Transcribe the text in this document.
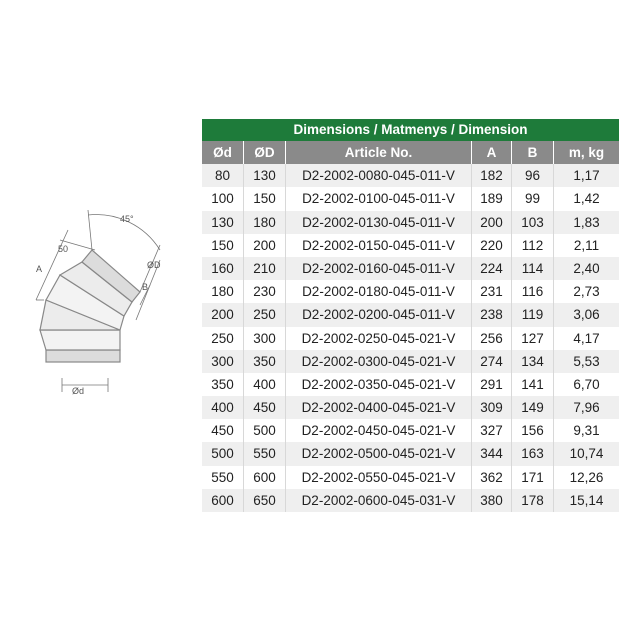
45°
A
50
ØD
B
Ød
Dimensions / Matmenys / Dimension
Ød	ØD	Article No.	A	B	m, kg
80	130	D2-2002-0080-045-011-V	182	96	1,17
100	150	D2-2002-0100-045-011-V	189	99	1,42
130	180	D2-2002-0130-045-011-V	200	103	1,83
150	200	D2-2002-0150-045-011-V	220	112	2,11
160	210	D2-2002-0160-045-011-V	224	114	2,40
180	230	D2-2002-0180-045-011-V	231	116	2,73
200	250	D2-2002-0200-045-011-V	238	119	3,06
250	300	D2-2002-0250-045-021-V	256	127	4,17
300	350	D2-2002-0300-045-021-V	274	134	5,53
350	400	D2-2002-0350-045-021-V	291	141	6,70
400	450	D2-2002-0400-045-021-V	309	149	7,96
450	500	D2-2002-0450-045-021-V	327	156	9,31
500	550	D2-2002-0500-045-021-V	344	163	10,74
550	600	D2-2002-0550-045-021-V	362	171	12,26
600	650	D2-2002-0600-045-031-V	380	178	15,14
